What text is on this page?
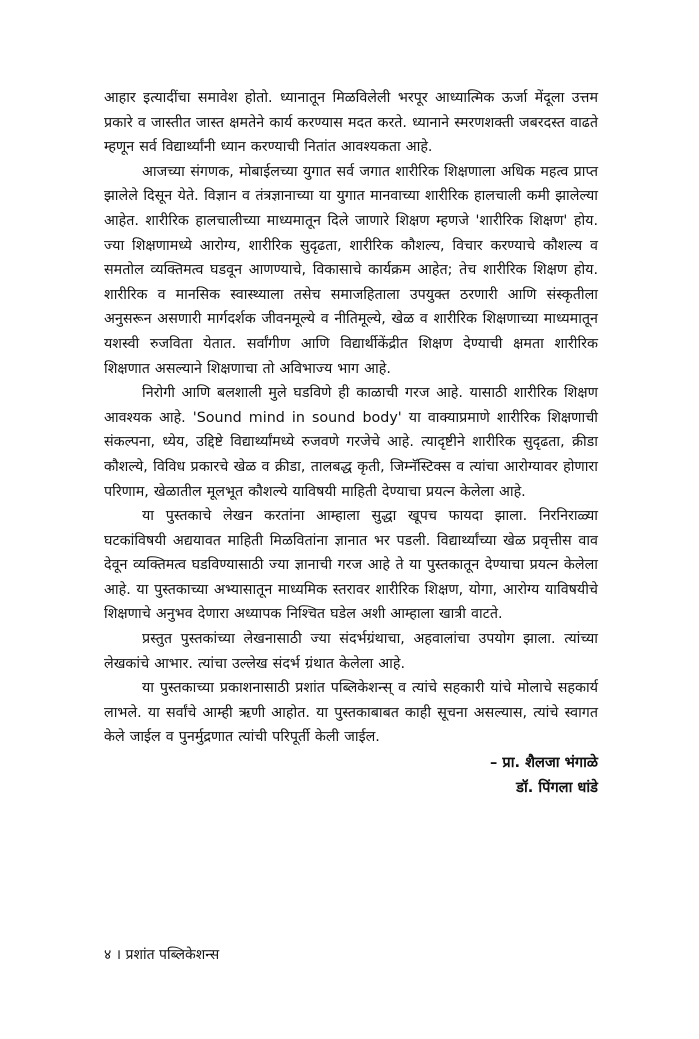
आहार इत्यादींचा समावेश होतो. ध्यानातून मिळविलेली भरपूर आध्यात्मिक ऊर्जा मेंदूला उत्तम प्रकारे व जास्तीत जास्त क्षमतेने कार्य करण्यास मदत करते. ध्यानाने स्मरणशक्ती जबरदस्त वाढते म्हणून सर्व विद्यार्थ्यांनी ध्यान करण्याची नितांत आवश्यकता आहे.

आजच्या संगणक, मोबाईलच्या युगात सर्व जगात शारीरिक शिक्षणाला अधिक महत्व प्राप्त झालेले दिसून येते. विज्ञान व तंत्रज्ञानाच्या या युगात मानवाच्या शारीरिक हालचाली कमी झालेल्या आहेत. शारीरिक हालचालीच्या माध्यमातून दिले जाणारे शिक्षण म्हणजे 'शारीरिक शिक्षण' होय. ज्या शिक्षणामध्ये आरोग्य, शारीरिक सुदृढता, शारीरिक कौशल्य, विचार करण्याचे कौशल्य व समतोल व्यक्तिमत्व घडवून आणण्याचे, विकासाचे कार्यक्रम आहेत; तेच शारीरिक शिक्षण होय. शारीरिक व मानसिक स्वास्थ्याला तसेच समाजहिताला उपयुक्त ठरणारी आणि संस्कृतीला अनुसरून असणारी मार्गदर्शक जीवनमूल्ये व नीतिमूल्ये, खेळ व शारीरिक शिक्षणाच्या माध्यमातून यशस्वी रुजविता येतात. सर्वांगीण आणि विद्यार्थीकेंद्रीत शिक्षण देण्याची क्षमता शारीरिक शिक्षणात असल्याने शिक्षणाचा तो अविभाज्य भाग आहे.

निरोगी आणि बलशाली मुले घडविणे ही काळाची गरज आहे. यासाठी शारीरिक शिक्षण आवश्यक आहे. 'Sound mind in sound body' या वाक्याप्रमाणे शारीरिक शिक्षणाची संकल्पना, ध्येय, उद्दिष्टे विद्यार्थ्यांमध्ये रुजवणे गरजेचे आहे. त्यादृष्टीने शारीरिक सुदृढता, क्रीडा कौशल्ये, विविध प्रकारचे खेळ व क्रीडा, तालबद्ध कृती, जिम्नॅस्टिक्स व त्यांचा आरोग्यावर होणारा परिणाम, खेळातील मूलभूत कौशल्ये याविषयी माहिती देण्याचा प्रयत्न केलेला आहे.

या पुस्तकाचे लेखन करतांना आम्हाला सुद्धा खूपच फायदा झाला. निरनिराळ्या घटकांविषयी अद्ययावत माहिती मिळवितांना ज्ञानात भर पडली. विद्यार्थ्यांच्या खेळ प्रवृत्तीस वाव देवून व्यक्तिमत्व घडविण्यासाठी ज्या ज्ञानाची गरज आहे ते या पुस्तकातून देण्याचा प्रयत्न केलेला आहे. या पुस्तकाच्या अभ्यासातून माध्यमिक स्तरावर शारीरिक शिक्षण, योगा, आरोग्य याविषयीचे शिक्षणाचे अनुभव देणारा अध्यापक निश्चित घडेल अशी आम्हाला खात्री वाटते.

प्रस्तुत पुस्तकांच्या लेखनासाठी ज्या संदर्भग्रंथाचा, अहवालांचा उपयोग झाला. त्यांच्या लेखकांचे आभार. त्यांचा उल्लेख संदर्भ ग्रंथात केलेला आहे.

या पुस्तकाच्या प्रकाशनासाठी प्रशांत पब्लिकेशन्स् व त्यांचे सहकारी यांचे मोलाचे सहकार्य लाभले. या सर्वांचे आम्ही ऋणी आहोत. या पुस्तकाबाबत काही सूचना असल्यास, त्यांचे स्वागत केले जाईल व पुनर्मुद्रणात त्यांची परिपूर्ती केली जाईल.

– प्रा. शैलजा भंगाळे

डॉ. पिंगला धांडे

४ । प्रशांत पब्लिकेशन्स
